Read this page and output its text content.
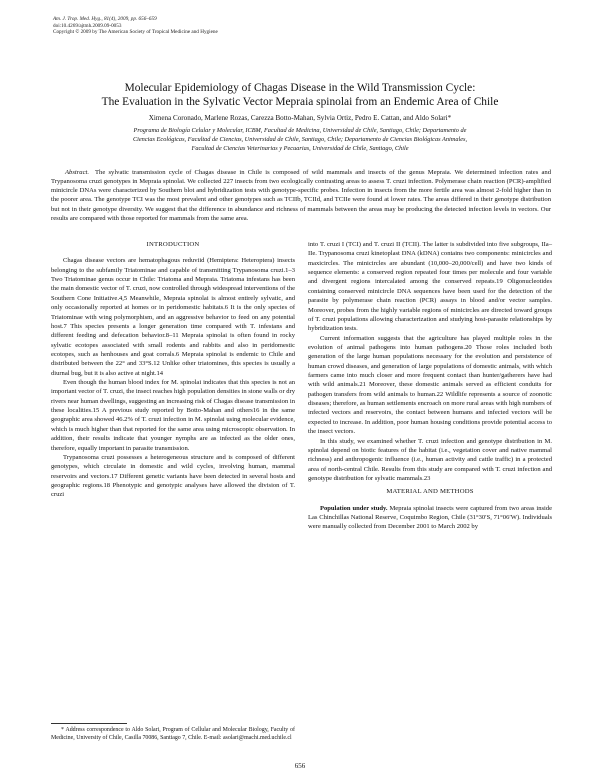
Am. J. Trop. Med. Hyg., 81(4), 2009, pp. 656–659
doi:10.4269/ajtmh.2009.09-0053
Copyright © 2009 by The American Society of Tropical Medicine and Hygiene
Molecular Epidemiology of Chagas Disease in the Wild Transmission Cycle:
The Evaluation in the Sylvatic Vector Mepraia spinolai from an Endemic Area of Chile
Ximena Coronado, Marlene Rozas, Carezza Botto-Mahan, Sylvia Ortiz, Pedro E. Cattan, and Aldo Solari*
Programa de Biología Celular y Molecular, ICBM, Facultad de Medicina, Universidad de Chile, Santiago, Chile; Departamento de
Ciencias Ecológicas, Facultad de Ciencias, Universidad de Chile, Santiago, Chile; Departamento de Ciencias Biológicas Animales,
Facultad de Ciencias Veterinarias y Pecuarias, Universidad de Chile, Santiago, Chile
Abstract. The sylvatic transmission cycle of Chagas disease in Chile is composed of wild mammals and insects of the genus Mepraia. We determined infection rates and Trypanosoma cruzi genotypes in Mepraia spinolai. We collected 227 insects from two ecologically contrasting areas to assess T. cruzi infection. Polymerase chain reaction (PCR)-amplified minicircle DNAs were characterized by Southern blot and hybridization tests with genotype-specific probes. Infection in insects from the more fertile area was almost 2-fold higher than in the poorer area. The genotype TCI was the most prevalent and other genotypes such as TCIIb, TCIId, and TCIIe were found at lower rates. The areas differed in their genotype distribution but not in their genotype diversity. We suggest that the difference in abundance and richness of mammals between the areas may be producing the detected infection levels in vectors. Our results are compared with those reported for mammals from the same area.
INTRODUCTION

Chagas disease vectors are hematophagous reduviid (Hemiptera: Heteroptera) insects belonging to the subfamily Triatominae and capable of transmitting Trypanosoma cruzi.1–3 Two Triatominae genus occur in Chile: Triatoma and Mepraia. Triatoma infestans has been the main domestic vector of T. cruzi, now controlled through widespread interventions of the Southern Cone Initiative.4,5 Meanwhile, Mepraia spinolai is almost entirely sylvatic, and only occasionally reported at homes or in peridomestic habitats.6 It is the only species of Triatominae with wing polymorphism, and an aggressive behavior to feed on any potential host.7 This species presents a longer generation time compared with T. infestans and different feeding and defecation behavior.8–11 Mepraia spinolai is often found in rocky sylvatic ecotopes associated with small rodents and rabbits and also in peridomestic ecotopes, such as henhouses and goat corrals.6 Mepraia spinolai is endemic to Chile and distributed between the 22° and 33°S.12 Unlike other triatomines, this species is usually a diurnal bug, but it is also active at night.14

Even though the human blood index for M. spinolai indicates that this species is not an important vector of T. cruzi, the insect reaches high population densities in stone walls or dry rivers near human dwellings, suggesting an increasing risk of Chagas disease transmission in these localities.15 A previous study reported by Botto-Mahan and others16 in the same geographic area showed 46.2% of T. cruzi infection in M. spinolai using molecular evidence, which is much higher than that reported for the same area using microscopic observation. In addition, their results indicate that younger nymphs are as infected as the older ones, therefore, equally important in parasite transmission.

Trypanosoma cruzi possesses a heterogeneous structure and is composed of different genotypes, which circulate in domestic and wild cycles, involving human, mammal reservoirs and vectors.17 Different genetic variants have been detected in several hosts and geographic regions.18 Phenotypic and genotypic analyses have allowed the division of T. cruzi

into T. cruzi I (TCI) and T. cruzi II (TCII). The latter is subdivided into five subgroups, IIa–IIe. Trypanosoma cruzi kinetoplast DNA (kDNA) contains two components: minicircles and maxicircles. The minicircles are abundant (10,000–20,000/cell) and have two kinds of sequence elements: a conserved region repeated four times per molecule and four variable and divergent regions intercalated among the conserved repeats.19 Oligonucleotides containing conserved minicircle DNA sequences have been used for the detection of the parasite by polymerase chain reaction (PCR) assays in blood and/or vector samples. Moreover, probes from the highly variable regions of minicircles are directed toward groups of T. cruzi populations allowing characterization and studying host-parasite relationships by hybridization tests.

Current information suggests that the agriculture has played multiple roles in the evolution of animal pathogens into human pathogens.20 Those roles included both generation of the large human populations necessary for the evolution and persistence of human crowd diseases, and generation of large populations of domestic animals, with which farmers came into much closer and more frequent contact than hunter/gatherers have had with wild animals.21 Moreover, these domestic animals served as efficient conduits for pathogen transfers from wild animals to human.22 Wildlife represents a source of zoonotic diseases; therefore, as human settlements encroach on more rural areas with high numbers of infected vectors and reservoirs, the contact between humans and infected vectors will be expected to increase. In addition, poor human housing conditions provide potential access to the insect vectors.

In this study, we examined whether T. cruzi infection and genotype distribution in M. spinolai depend on biotic features of the habitat (i.e., vegetation cover and native mammal richness) and anthropogenic influence (i.e., human activity and cattle traffic) in a protected area of north-central Chile. Results from this study are compared with T. cruzi infection and genotype distribution for sylvatic mammals.23

MATERIAL AND METHODS

Population under study. Mepraia spinolai insects were captured from two areas inside Las Chinchillas National Reserve, Coquimbo Region, Chile (31°30′S, 71°06′W). Individuals were manually collected from December 2001 to March 2002 by

* Address correspondence to Aldo Solari, Program of Cellular and Molecular Biology, Faculty of Medicine, University of Chile, Casilla 70086, Santiago 7, Chile. E-mail: asolari@machi.med.uchile.cl

656
